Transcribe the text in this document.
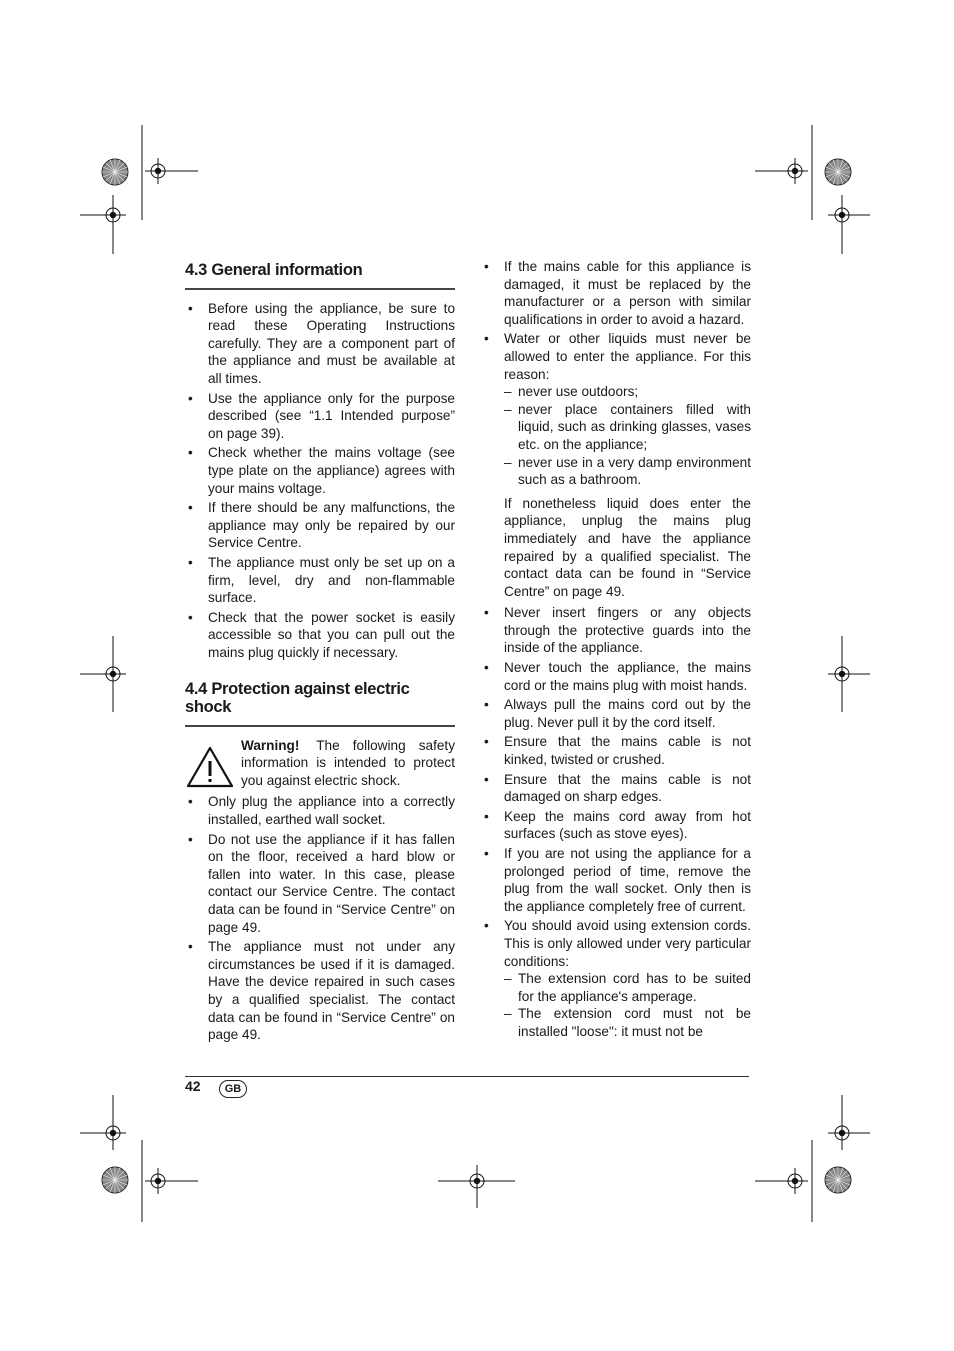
4.3 General information
• Before using the appliance, be sure to read these Operating Instructions carefully. They are a component part of the appliance and must be available at all times.
• Use the appliance only for the purpose described (see “1.1 Intended purpose” on page 39).
• Check whether the mains voltage (see type plate on the appliance) agrees with your mains voltage.
• If there should be any malfunctions, the appliance may only be repaired by our Service Centre.
• The appliance must only be set up on a firm, level, dry and non-flammable surface.
• Check that the power socket is easily accessible so that you can pull out the mains plug quickly if necessary.
4.4 Protection against electric shock
Warning! The following safety information is intended to protect you against electric shock.
• Only plug the appliance into a correctly installed, earthed wall socket.
• Do not use the appliance if it has fallen on the floor, received a hard blow or fallen into water. In this case, please contact our Service Centre. The contact data can be found in “Service Centre” on page 49.
• The appliance must not under any circumstances be used if it is damaged. Have the device repaired in such cases by a qualified specialist. The contact data can be found in “Service Centre” on page 49.
• If the mains cable for this appliance is damaged, it must be replaced by the manufacturer or a person with similar qualifications in order to avoid a hazard.
• Water or other liquids must never be allowed to enter the appliance. For this reason:
– never use outdoors;
– never place containers filled with liquid, such as drinking glasses, vases etc. on the appliance;
– never use in a very damp environment such as a bathroom.
If nonetheless liquid does enter the appliance, unplug the mains plug immediately and have the appliance repaired by a qualified specialist. The contact data can be found in “Service Centre” on page 49.
• Never insert fingers or any objects through the protective guards into the inside of the appliance.
• Never touch the appliance, the mains cord or the mains plug with moist hands.
• Always pull the mains cord out by the plug. Never pull it by the cord itself.
• Ensure that the mains cable is not kinked, twisted or crushed.
• Ensure that the mains cable is not damaged on sharp edges.
• Keep the mains cord away from hot surfaces (such as stove eyes).
• If you are not using the appliance for a prolonged period of time, remove the plug from the wall socket. Only then is the appliance completely free of current.
• You should avoid using extension cords. This is only allowed under very particular conditions:
– The extension cord has to be suited for the appliance's amperage.
– The extension cord must not be installed "loose": it must not be
42	GB
